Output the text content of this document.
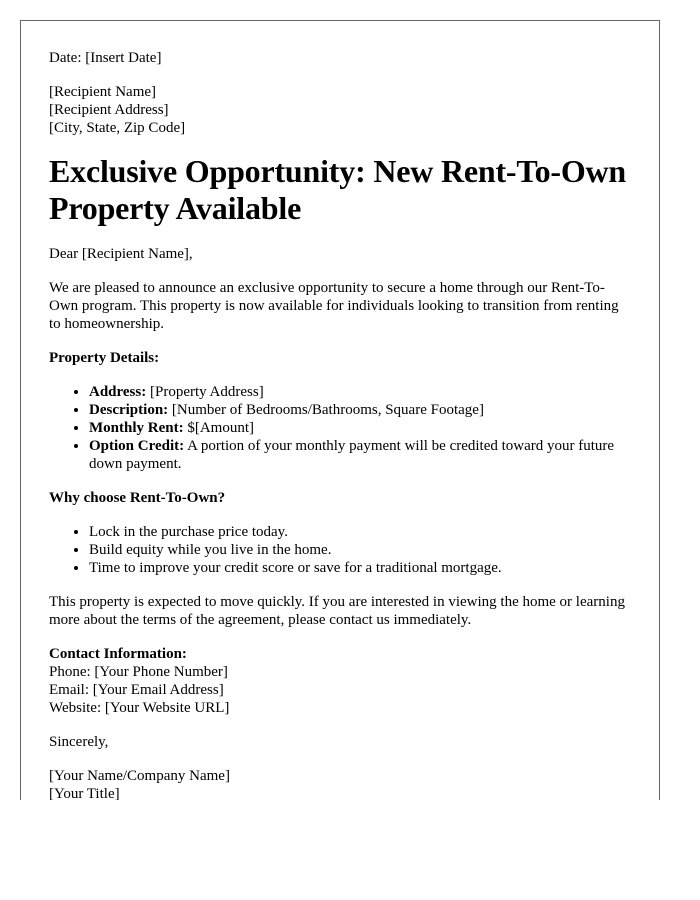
Date: [Insert Date]

[Recipient Name]
[Recipient Address]
[City, State, Zip Code]
Exclusive Opportunity: New Rent-To-Own Property Available

Dear [Recipient Name],

We are pleased to announce an exclusive opportunity to secure a home through our Rent-To-Own program. This property is now available for individuals looking to transition from renting to homeownership.

Property Details:

• Address: [Property Address]
• Description: [Number of Bedrooms/Bathrooms, Square Footage]
• Monthly Rent: $[Amount]
• Option Credit: A portion of your monthly payment will be credited toward your future down payment.

Why choose Rent-To-Own?

• Lock in the purchase price today.
• Build equity while you live in the home.
• Time to improve your credit score or save for a traditional mortgage.

This property is expected to move quickly. If you are interested in viewing the home or learning more about the terms of the agreement, please contact us immediately.

Contact Information:
Phone: [Your Phone Number]
Email: [Your Email Address]
Website: [Your Website URL]

Sincerely,

[Your Name/Company Name]
[Your Title]
